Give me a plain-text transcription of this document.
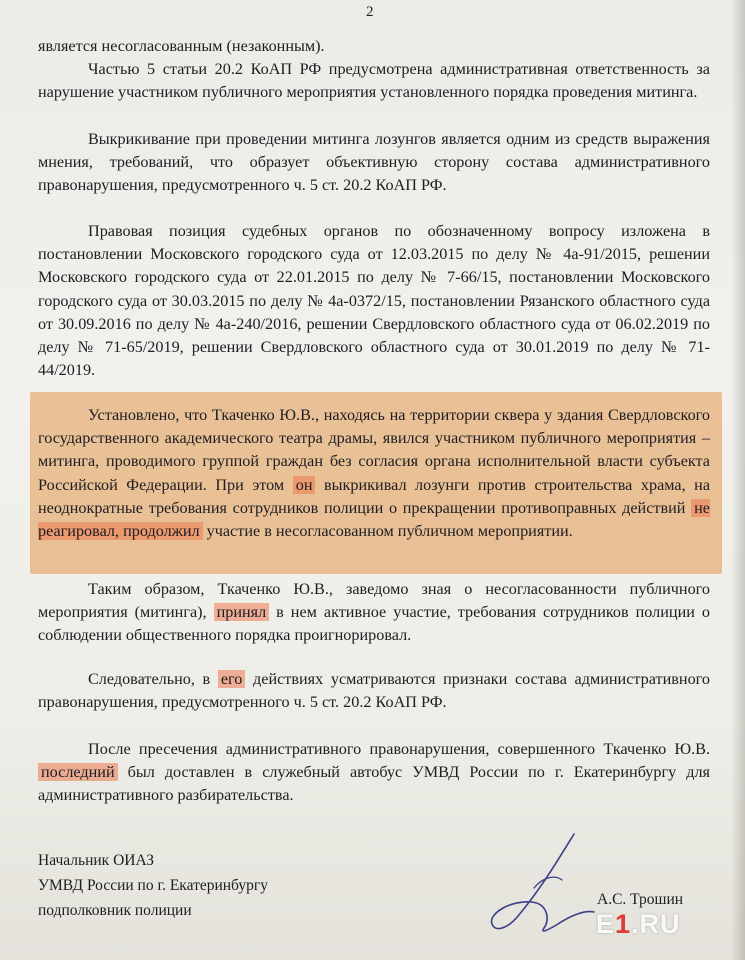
2

является несогласованным (незаконным).

Частью 5 статьи 20.2 КоАП РФ предусмотрена административная ответственность за нарушение участником публичного мероприятия установленного порядка проведения митинга.

Выкрикивание при проведении митинга лозунгов является одним из средств выражения мнения, требований, что образует объективную сторону состава административного правонарушения, предусмотренного ч. 5 ст. 20.2 КоАП РФ.

Правовая позиция судебных органов по обозначенному вопросу изложена в постановлении Московского городского суда от 12.03.2015 по делу № 4а-91/2015, решении Московского городского суда от 22.01.2015 по делу № 7-66/15, постановлении Московского городского суда от 30.03.2015 по делу № 4а-0372/15, постановлении Рязанского областного суда от 30.09.2016 по делу № 4а-240/2016, решении Свердловского областного суда от 06.02.2019 по делу № 71-65/2019, решении Свердловского областного суда от 30.01.2019 по делу № 71-44/2019.

Установлено, что Ткаченко Ю.В., находясь на территории сквера у здания Свердловского государственного академического театра драмы, явился участником публичного мероприятия – митинга, проводимого группой граждан без согласия органа исполнительной власти субъекта Российской Федерации. При этом он выкрикивал лозунги против строительства храма, на неоднократные требования сотрудников полиции о прекращении противоправных действий не реагировал, продолжил участие в несогласованном публичном мероприятии.

Таким образом, Ткаченко Ю.В., заведомо зная о несогласованности публичного мероприятия (митинга), принял в нем активное участие, требования сотрудников полиции о соблюдении общественного порядка проигнорировал.

Следовательно, в его действиях усматриваются признаки состава административного правонарушения, предусмотренного ч. 5 ст. 20.2 КоАП РФ.

После пресечения административного правонарушения, совершенного Ткаченко Ю.В. последний был доставлен в служебный автобус УМВД России по г. Екатеринбургу для административного разбирательства.

Начальник ОИАЗ
УМВД России по г. Екатеринбургу
подполковник полиции
А.С. Трошин
E1.RU
